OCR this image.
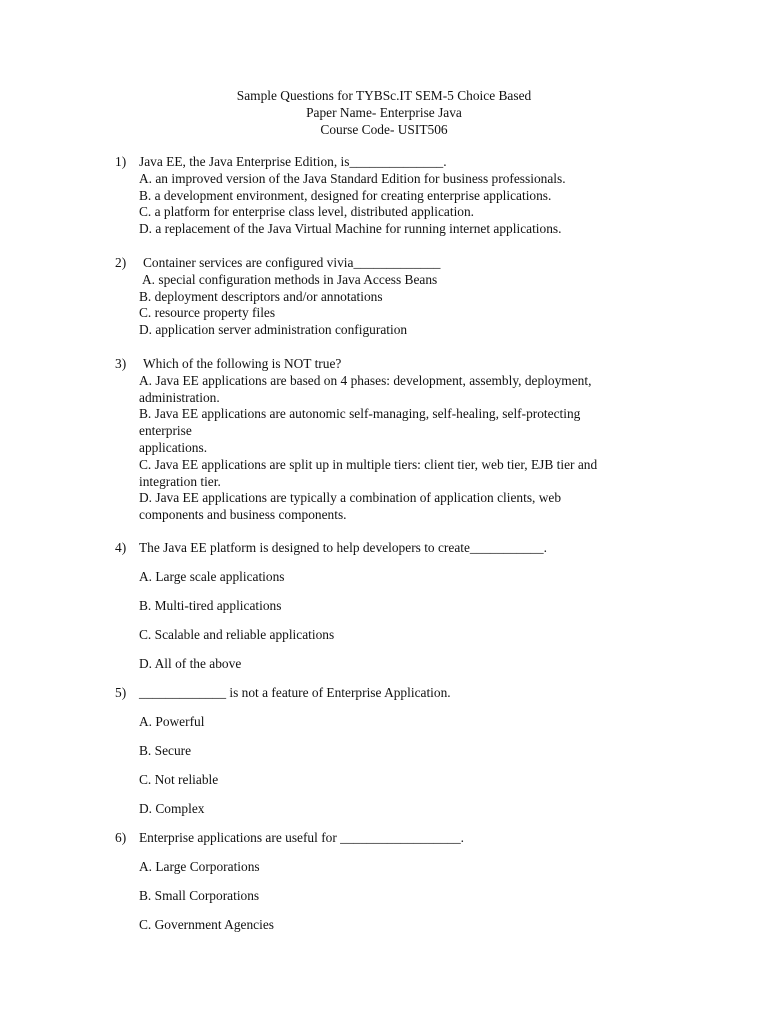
Sample Questions for TYBSc.IT SEM-5 Choice Based
Paper Name- Enterprise Java
Course Code- USIT506
1) Java EE, the Java Enterprise Edition, is______________.
A. an improved version of the Java Standard Edition for business professionals.
B. a development environment, designed for creating enterprise applications.
C. a platform for enterprise class level, distributed application.
D. a replacement of the Java Virtual Machine for running internet applications.
2)	Container services are configured vivia_____________
A. special configuration methods in Java Access Beans
B. deployment descriptors and/or annotations
C. resource property files
D. application server administration configuration
3)	Which of the following is NOT true?
A. Java EE applications are based on 4 phases: development, assembly, deployment,
administration.
B. Java EE applications are autonomic self-managing, self-healing, self-protecting
enterprise
applications.
C. Java EE applications are split up in multiple tiers: client tier, web tier, EJB tier and
integration tier.
D. Java EE applications are typically a combination of application clients, web
components and business components.
4) The Java EE platform is designed to help developers to create___________.
A. Large scale applications
B. Multi-tired applications
C. Scalable and reliable applications
D. All of the above
5) _____________ is not a feature of Enterprise Application.
A. Powerful
B. Secure
C. Not reliable
D. Complex
6) Enterprise applications are useful for __________________.
A. Large Corporations
B. Small Corporations
C. Government Agencies
